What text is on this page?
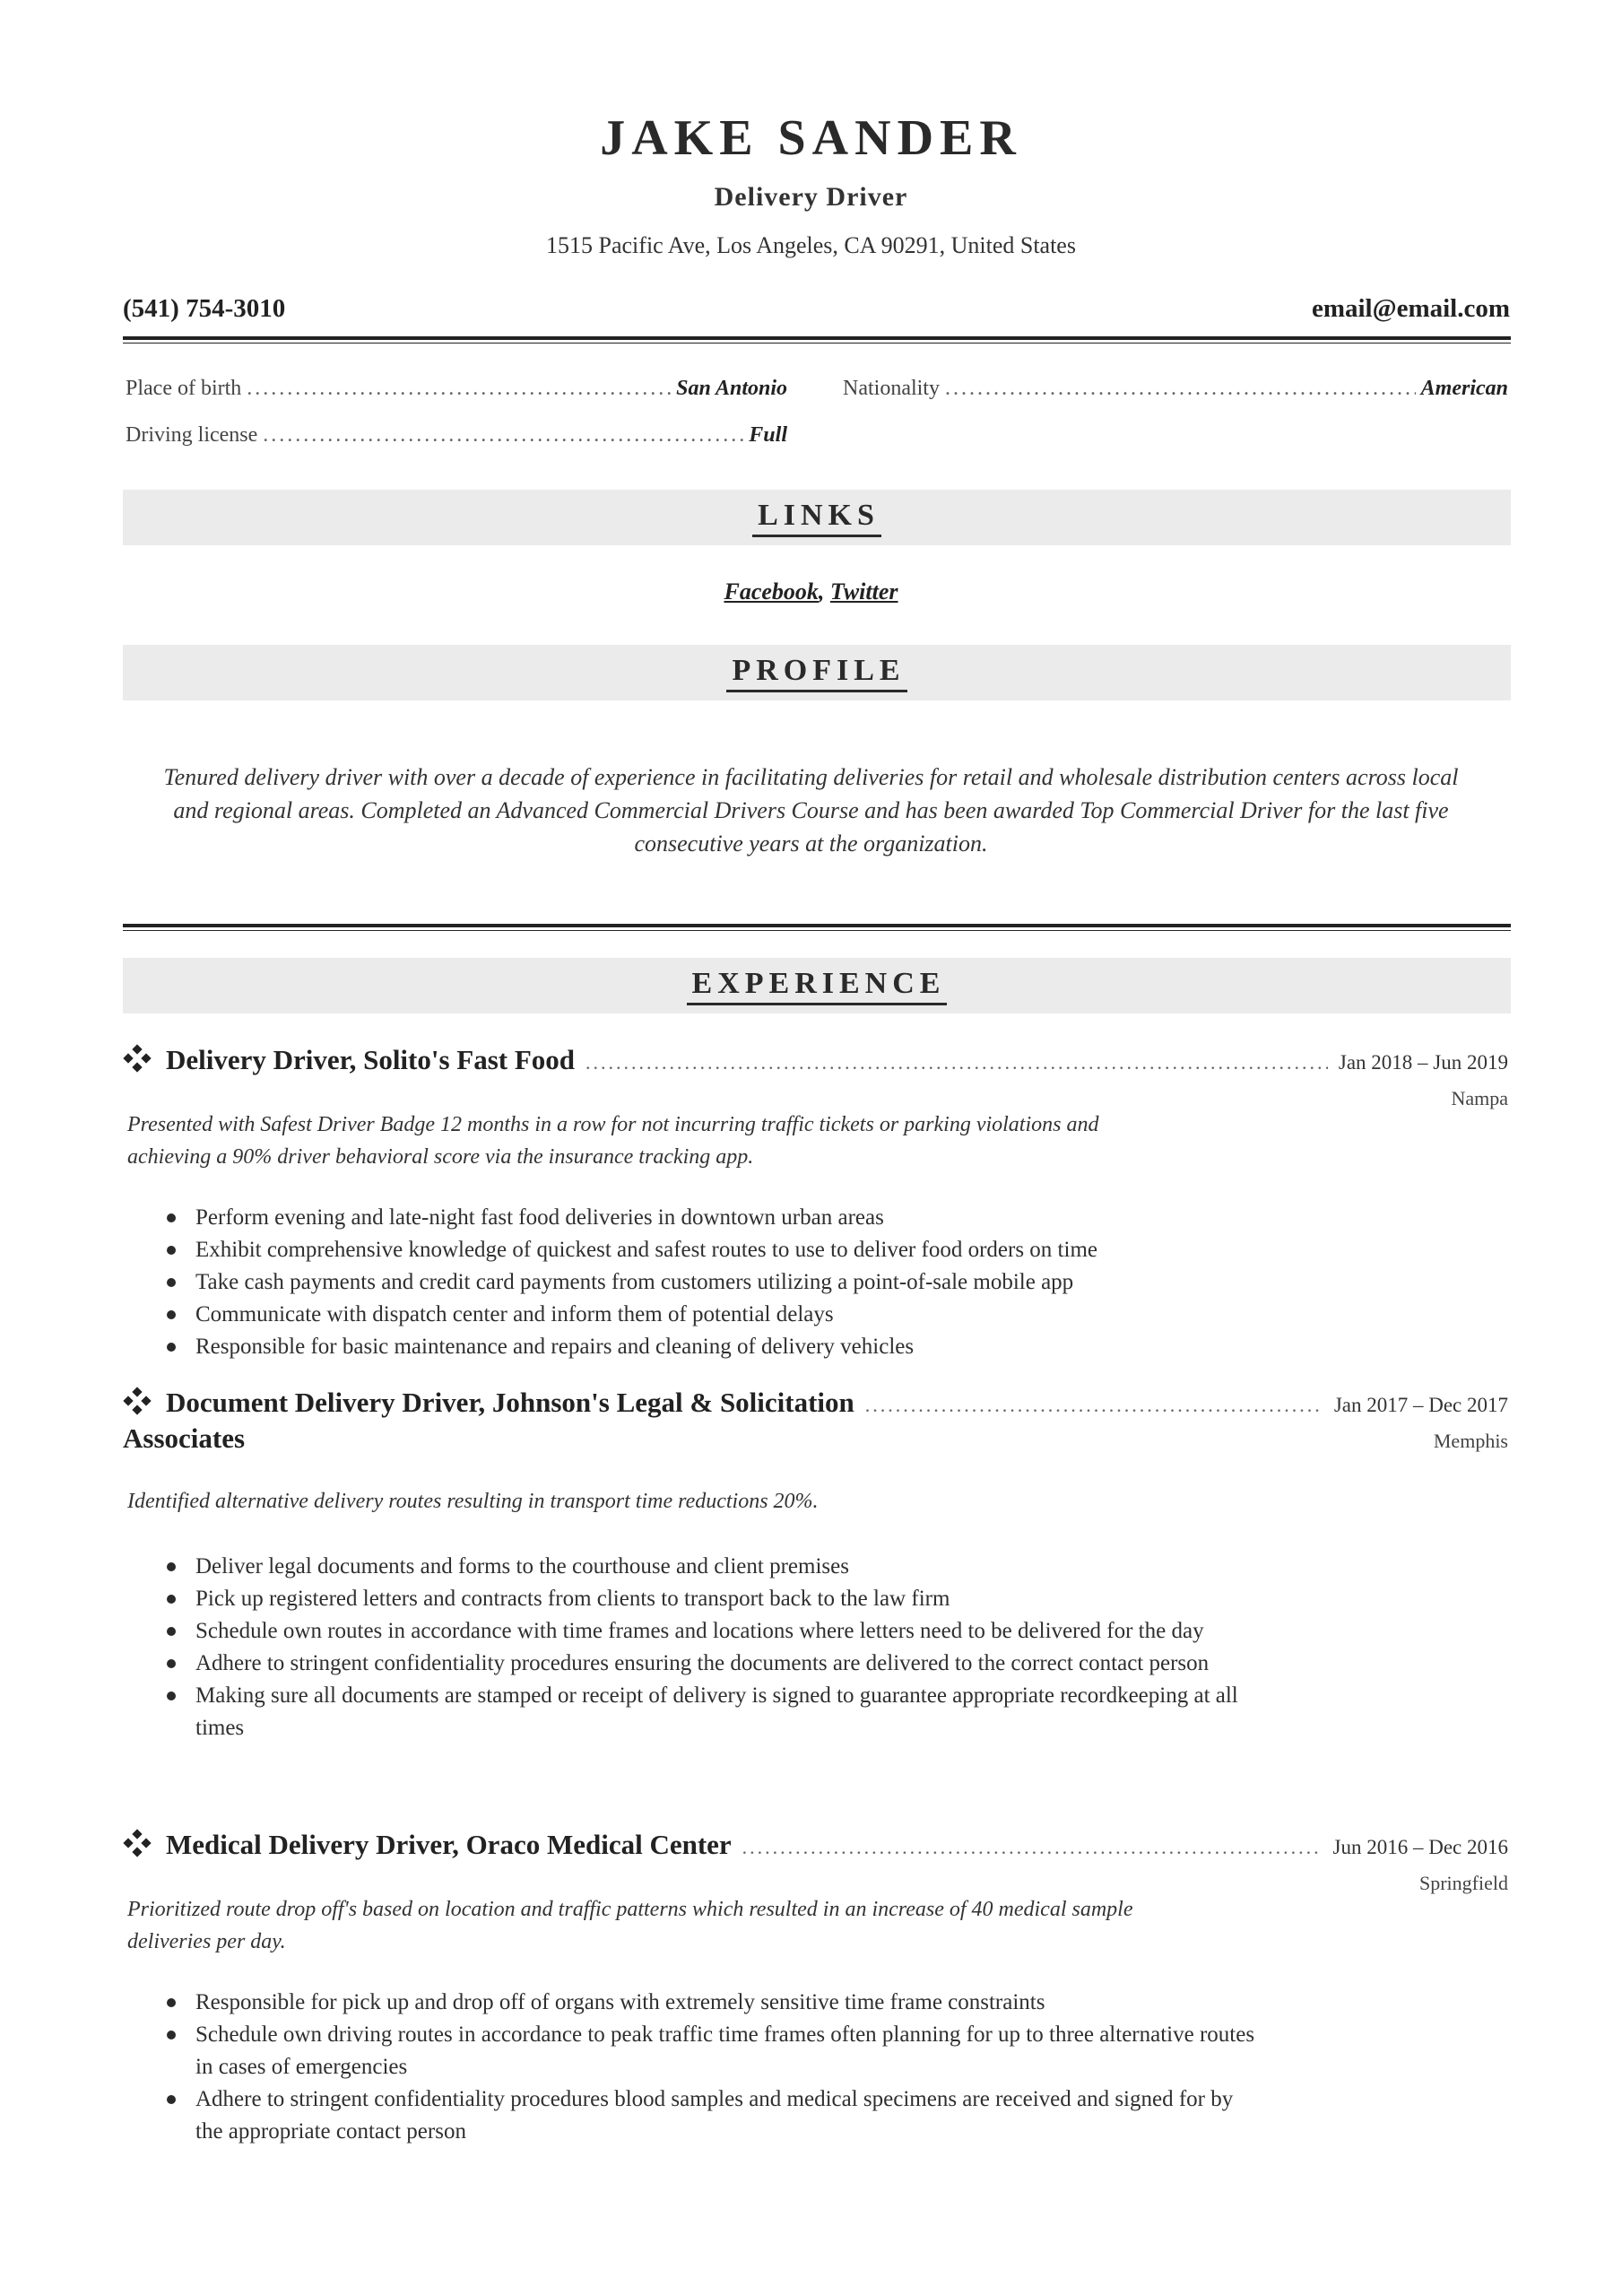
JAKE SANDER
Delivery Driver
1515 Pacific Ave, Los Angeles, CA 90291, United States
(541) 754-3010	email@email.com
Place of birth .....	San Antonio
Driving license .....	Full
Nationality .....	American
LINKS
Facebook, Twitter
PROFILE
Tenured delivery driver with over a decade of experience in facilitating deliveries for retail and wholesale distribution centers across local and regional areas. Completed an Advanced Commercial Drivers Course and has been awarded Top Commercial Driver for the last five consecutive years at the organization.
EXPERIENCE
Delivery Driver, Solito's Fast Food .....	Jan 2018 – Jun 2019
Nampa
Presented with Safest Driver Badge 12 months in a row for not incurring traffic tickets or parking violations and achieving a 90% driver behavioral score via the insurance tracking app.
Perform evening and late-night fast food deliveries in downtown urban areas
Exhibit comprehensive knowledge of quickest and safest routes to use to deliver food orders on time
Take cash payments and credit card payments from customers utilizing a point-of-sale mobile app
Communicate with dispatch center and inform them of potential delays
Responsible for basic maintenance and repairs and cleaning of delivery vehicles
Document Delivery Driver, Johnson's Legal & Solicitation .....	Jan 2017 – Dec 2017
Associates	Memphis
Identified alternative delivery routes resulting in transport time reductions 20%.
Deliver legal documents and forms to the courthouse and client premises
Pick up registered letters and contracts from clients to transport back to the law firm
Schedule own routes in accordance with time frames and locations where letters need to be delivered for the day
Adhere to stringent confidentiality procedures ensuring the documents are delivered to the correct contact person
Making sure all documents are stamped or receipt of delivery is signed to guarantee appropriate recordkeeping at all times
Medical Delivery Driver, Oraco Medical Center .....	Jun 2016 – Dec 2016
Springfield
Prioritized route drop off's based on location and traffic patterns which resulted in an increase of 40 medical sample deliveries per day.
Responsible for pick up and drop off of organs with extremely sensitive time frame constraints
Schedule own driving routes in accordance to peak traffic time frames often planning for up to three alternative routes in cases of emergencies
Adhere to stringent confidentiality procedures blood samples and medical specimens are received and signed for by the appropriate contact person
